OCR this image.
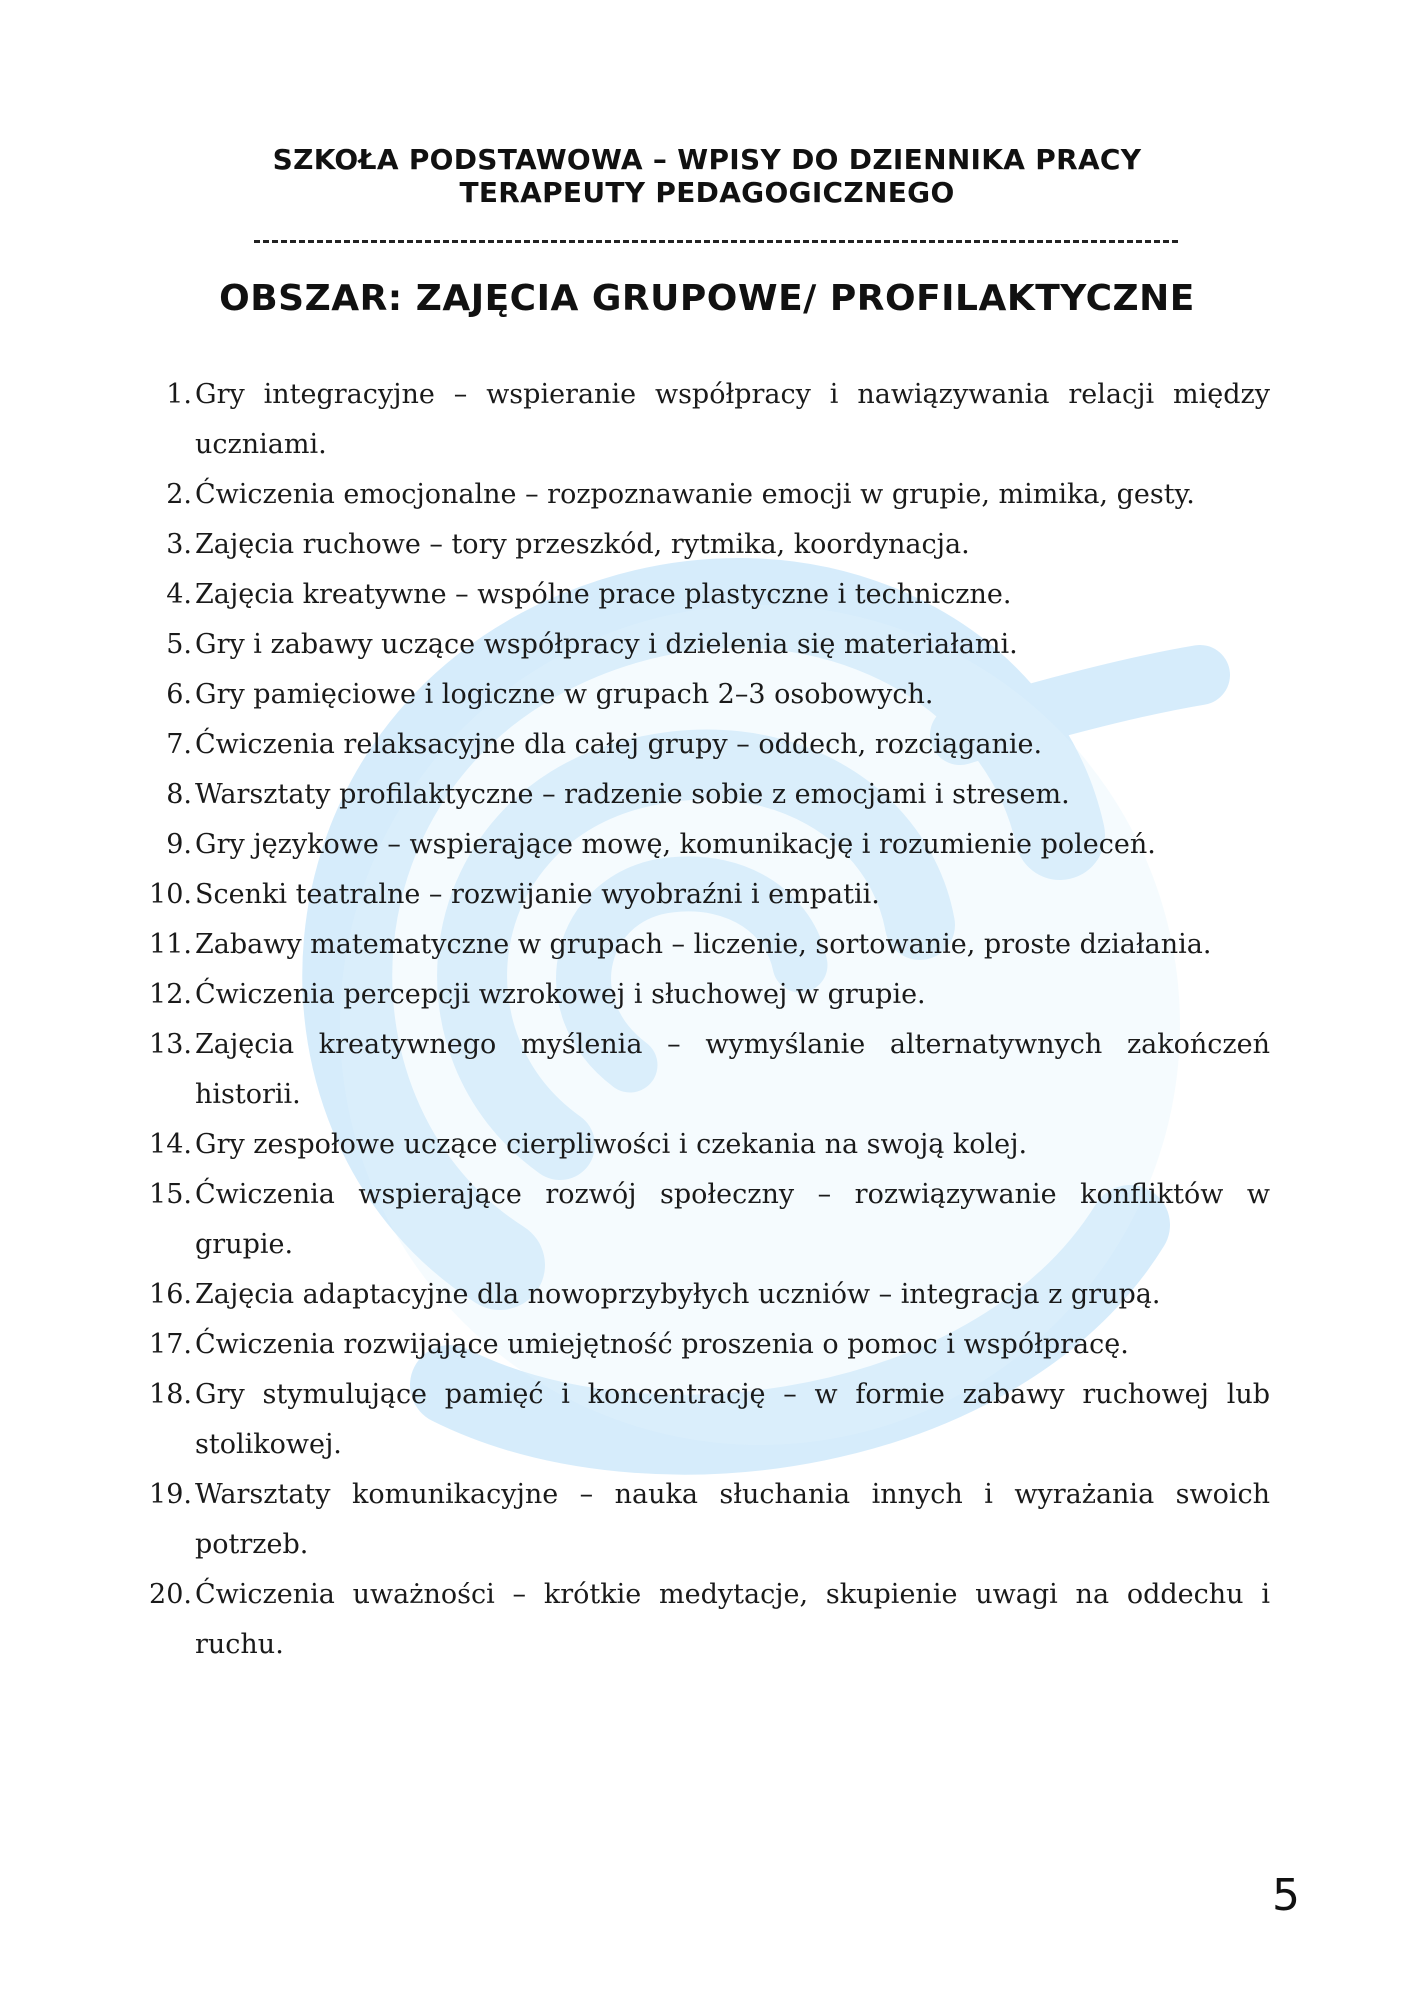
SZKOŁA PODSTAWOWA – WPISY DO DZIENNIKA PRACY
TERAPEUTY PEDAGOGICZNEGO
OBSZAR: ZAJĘCIA GRUPOWE/ PROFILAKTYCZNE
1. Gry integracyjne – wspieranie współpracy i nawiązywania relacji między uczniami.
2. Ćwiczenia emocjonalne – rozpoznawanie emocji w grupie, mimika, gesty.
3. Zajęcia ruchowe – tory przeszkód, rytmika, koordynacja.
4. Zajęcia kreatywne – wspólne prace plastyczne i techniczne.
5. Gry i zabawy uczące współpracy i dzielenia się materiałami.
6. Gry pamięciowe i logiczne w grupach 2–3 osobowych.
7. Ćwiczenia relaksacyjne dla całej grupy – oddech, rozciąganie.
8. Warsztaty profilaktyczne – radzenie sobie z emocjami i stresem.
9. Gry językowe – wspierające mowę, komunikację i rozumienie poleceń.
10. Scenki teatralne – rozwijanie wyobraźni i empatii.
11. Zabawy matematyczne w grupach – liczenie, sortowanie, proste działania.
12. Ćwiczenia percepcji wzrokowej i słuchowej w grupie.
13. Zajęcia kreatywnego myślenia – wymyślanie alternatywnych zakończeń historii.
14. Gry zespołowe uczące cierpliwości i czekania na swoją kolej.
15. Ćwiczenia wspierające rozwój społeczny – rozwiązywanie konfliktów w grupie.
16. Zajęcia adaptacyjne dla nowoprzybyłych uczniów – integracja z grupą.
17. Ćwiczenia rozwijające umiejętność proszenia o pomoc i współpracę.
18. Gry stymulujące pamięć i koncentrację – w formie zabawy ruchowej lub stolikowej.
19. Warsztaty komunikacyjne – nauka słuchania innych i wyrażania swoich potrzeb.
20. Ćwiczenia uważności – krótkie medytacje, skupienie uwagi na oddechu i ruchu.
5
